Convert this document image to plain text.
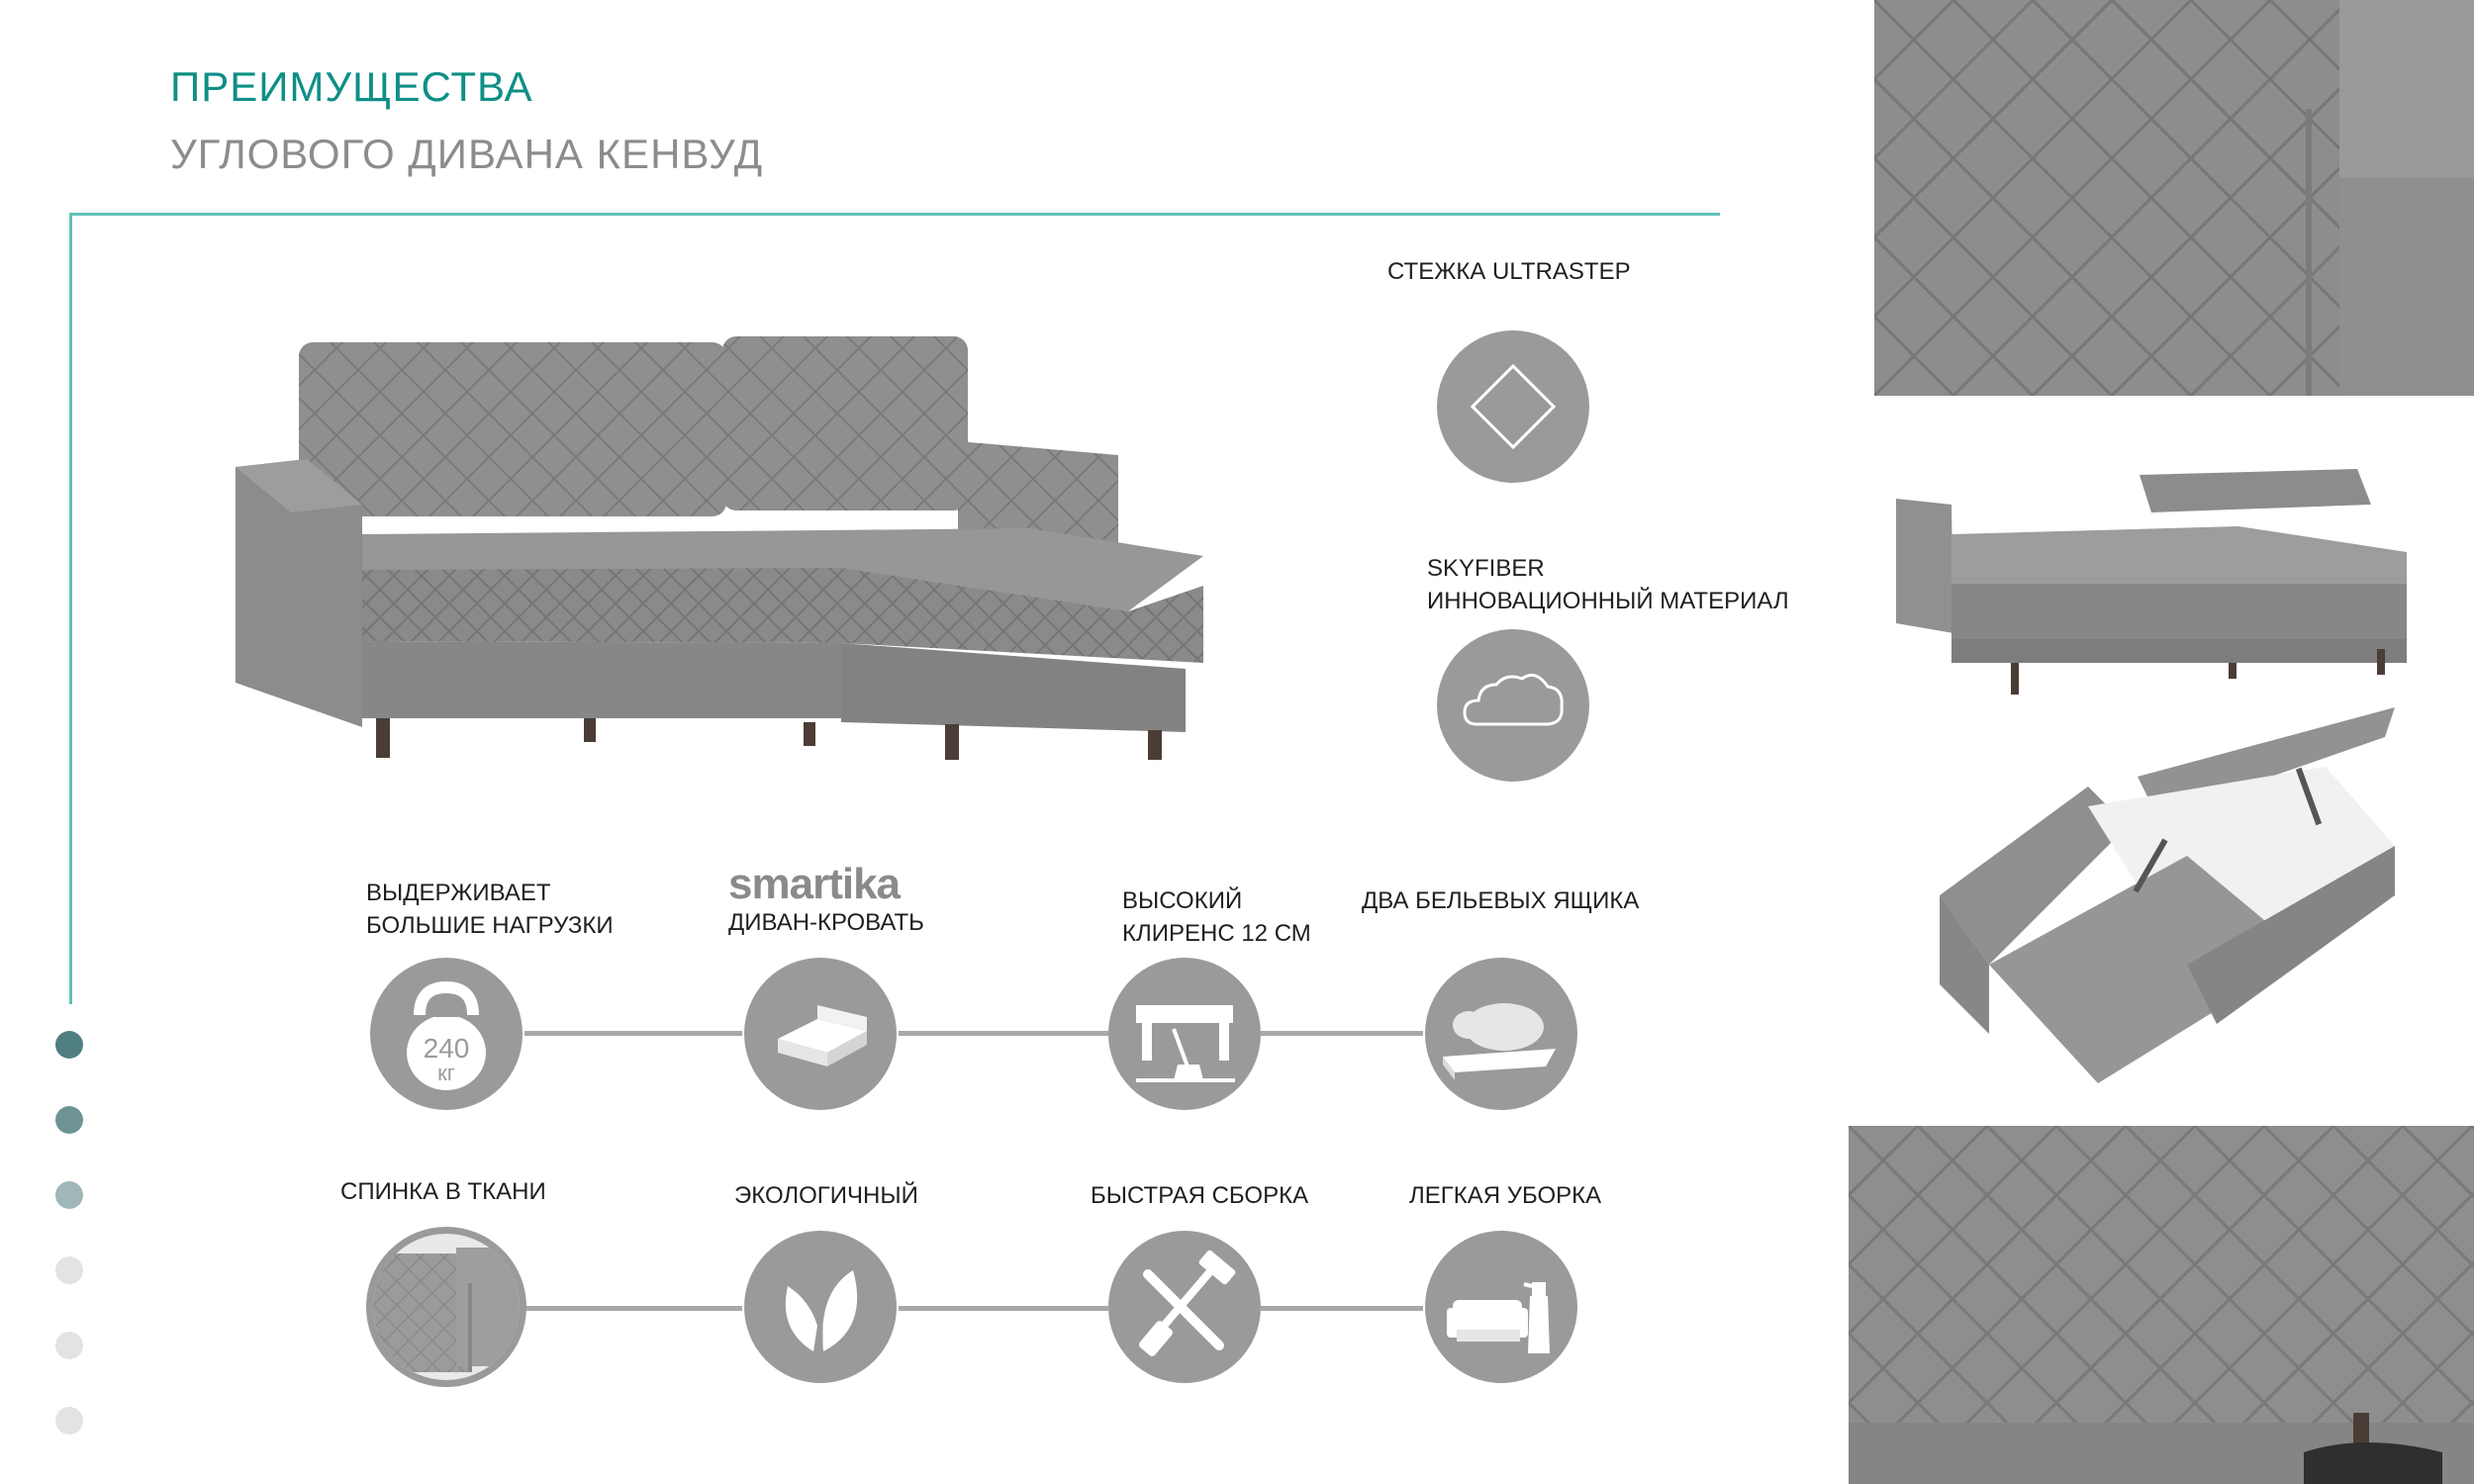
ПРЕИМУЩЕСТВА
УГЛОВОГО ДИВАНА КЕНВУД
СТЕЖКА ULTRASTEP
SKYFIBER
ИННОВАЦИОННЫЙ МАТЕРИАЛ
ВЫДЕРЖИВАЕТ
БОЛЬШИЕ НАГРУЗКИ
smartika
ДИВАН-КРОВАТЬ
ВЫСОКИЙ
КЛИРЕНС 12 СМ
ДВА БЕЛЬЕВЫХ ЯЩИКА
240
кг
СПИНКА В ТКАНИ	ЭКОЛОГИЧНЫЙ	БЫСТРАЯ СБОРКА	ЛЕГКАЯ УБОРКА
